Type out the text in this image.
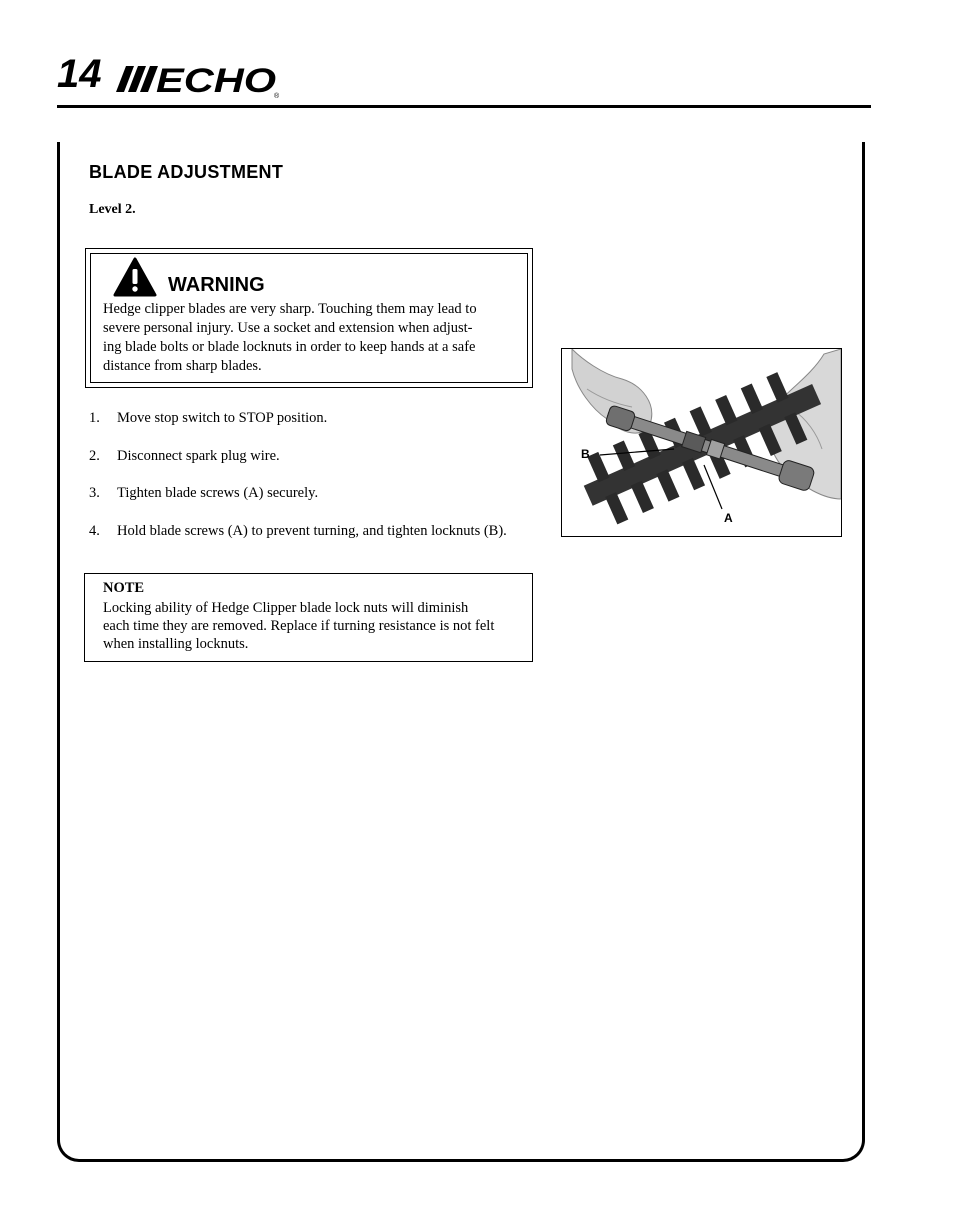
14 ECHO
®
BLADE ADJUSTMENT
Level 2.
WARNING
Hedge clipper blades are very sharp. Touching them may lead to
severe personal injury. Use a socket and extension when adjust-
ing blade bolts or blade locknuts in order to keep hands at a safe
distance from sharp blades.
1.	Move stop switch to STOP position.
2.	Disconnect spark plug wire.
3.	Tighten blade screws (A) securely.
4.	Hold blade screws (A) to prevent turning, and tighten locknuts (B).
NOTE
Locking ability of Hedge Clipper blade lock nuts will diminish
each time they are removed. Replace if turning resistance is not felt
when installing locknuts.
B
A
